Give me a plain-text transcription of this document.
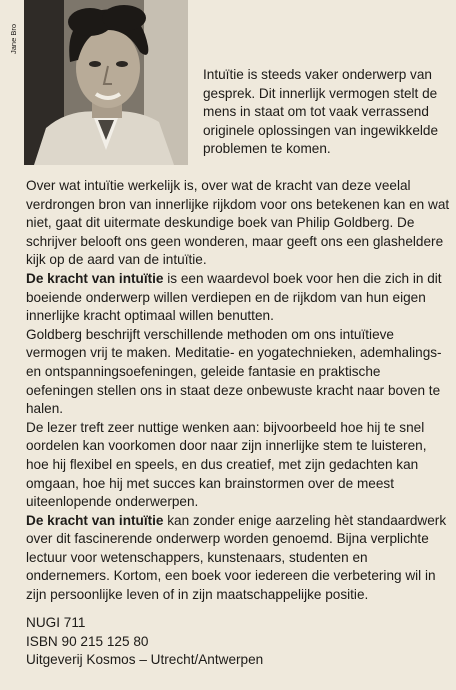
Jane Bro

Intuïtie is steeds vaker onderwerp van gesprek. Dit innerlijk vermogen stelt de mens in staat om tot vaak verrassend originele oplossingen van ingewikkelde problemen te komen.

Over wat intuïtie werkelijk is, over wat de kracht van deze veelal verdrongen bron van innerlijke rijkdom voor ons betekenen kan en wat niet, gaat dit uitermate deskundige boek van Philip Goldberg. De schrijver belooft ons geen wonderen, maar geeft ons een glasheldere kijk op de aard van de intuïtie.

De kracht van intuïtie is een waardevol boek voor hen die zich in dit boeiende onderwerp willen verdiepen en de rijkdom van hun eigen innerlijke kracht optimaal willen benutten.

Goldberg beschrijft verschillende methoden om ons intuïtieve vermogen vrij te maken. Meditatie- en yogatechnieken, ademhalings- en ontspanningsoefeningen, geleide fantasie en praktische oefeningen stellen ons in staat deze onbewuste kracht naar boven te halen.

De lezer treft zeer nuttige wenken aan: bijvoorbeeld hoe hij te snel oordelen kan voorkomen door naar zijn innerlijke stem te luisteren, hoe hij flexibel en speels, en dus creatief, met zijn gedachten kan omgaan, hoe hij met succes kan brainstormen over de meest uiteenlopende onderwerpen.

De kracht van intuïtie kan zonder enige aarzeling hèt standaardwerk over dit fascinerende onderwerp worden genoemd. Bijna verplichte lectuur voor wetenschappers, kunstenaars, studenten en ondernemers. Kortom, een boek voor iedereen die verbetering wil in zijn persoonlijke leven of in zijn maatschappelijke positie.

NUGI 711
ISBN 90 215 125 80
Uitgeverij Kosmos – Utrecht/Antwerpen
